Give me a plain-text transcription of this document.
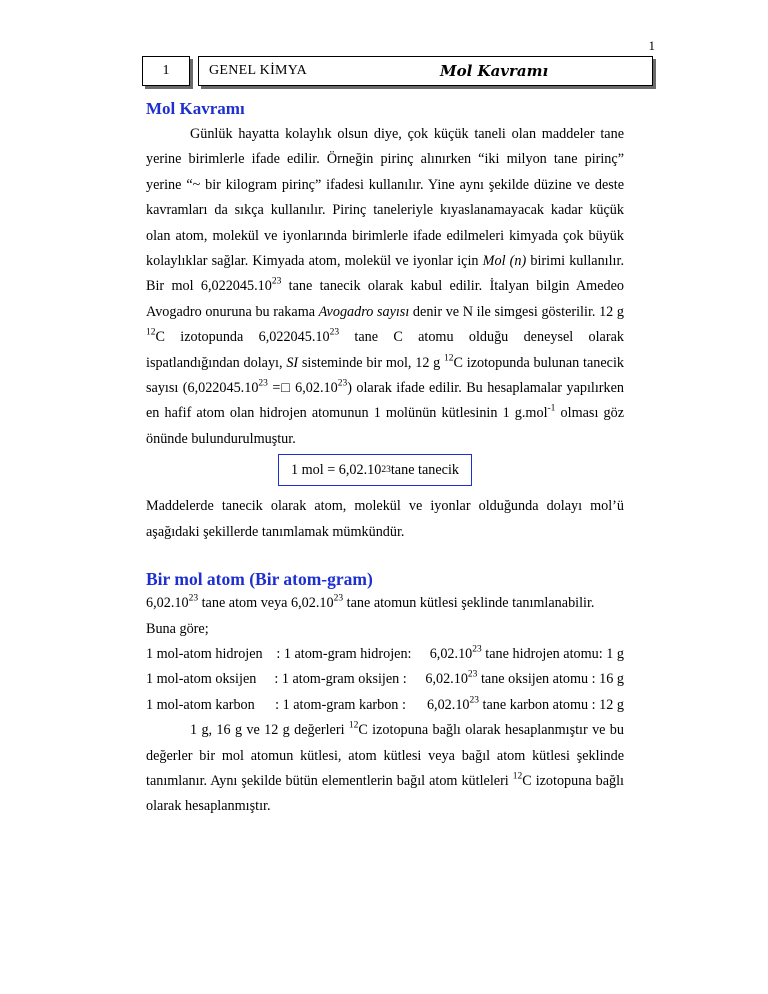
1
1	GENEL KİMYA	Mol Kavramı
Mol Kavramı

Günlük hayatta kolaylık olsun diye, çok küçük taneli olan maddeler tane yerine birimlerle ifade edilir. Örneğin pirinç alınırken “iki milyon tane pirinç” yerine “~ bir kilogram pirinç” ifadesi kullanılır. Yine aynı şekilde düzine ve deste kavramları da sıkça kullanılır. Pirinç taneleriyle kıyaslanamayacak kadar küçük olan atom, molekül ve iyonlarında birimlerle ifade edilmeleri kimyada çok büyük kolaylıklar sağlar. Kimyada atom, molekül ve iyonlar için Mol (n) birimi kullanılır. Bir mol 6,022045.10$^{23}$ tane tanecik olarak kabul edilir. İtalyan bilgin Amedeo Avogadro onuruna bu rakama Avogadro sayısı denir ve N ile simgesi gösterilir. 12 g $^{12}$C izotopunda 6,022045.10$^{23}$ tane C atomu olduğu deneysel olarak ispatlandığından dolayı, SI sisteminde bir mol, 12 g $^{12}$C izotopunda bulunan tanecik sayısı ($6,022045.10^{23}$ =□ 6,02.10$^{23}$) olarak ifade edilir. Bu hesaplamalar yapılırken en hafif atom olan hidrojen atomunun 1 molünün kütlesinin 1 g.mol$^{-1}$ olması göz önünde bulundurulmuştur.

1 mol = 6,02.10 23 tane tanecik

Maddelerde tanecik olarak atom, molekül ve iyonlar olduğunda dolayı mol’ü aşağıdaki şekillerde tanımlamak mümkündür.

Bir mol atom (Bir atom-gram)

6,02.10$^{23}$ tane atom veya 6,02.10$^{23}$ tane atomun kütlesi şeklinde tanımlanabilir.

Buna göre;

1 mol-atom hidrojen : 1 atom-gram hidrojen:	6,02.10$^{23}$ tane hidrojen atomu: 1 g
1 mol-atom oksijen	: 1 atom-gram oksijen :	6,02.10$^{23}$ tane oksijen atomu : 16 g
1 mol-atom karbon	: 1 atom-gram karbon :	6,02.10$^{23}$ tane karbon atomu : 12 g

1 g, 16 g ve 12 g değerleri $^{12}$C izotopuna bağlı olarak hesaplanmıştır ve bu değerler bir mol atomun kütlesi, atom kütlesi veya bağıl atom kütlesi şeklinde tanımlanır. Aynı şekilde bütün elementlerin bağıl atom kütleleri $^{12}$C izotopuna bağlı olarak hesaplanmıştır.
